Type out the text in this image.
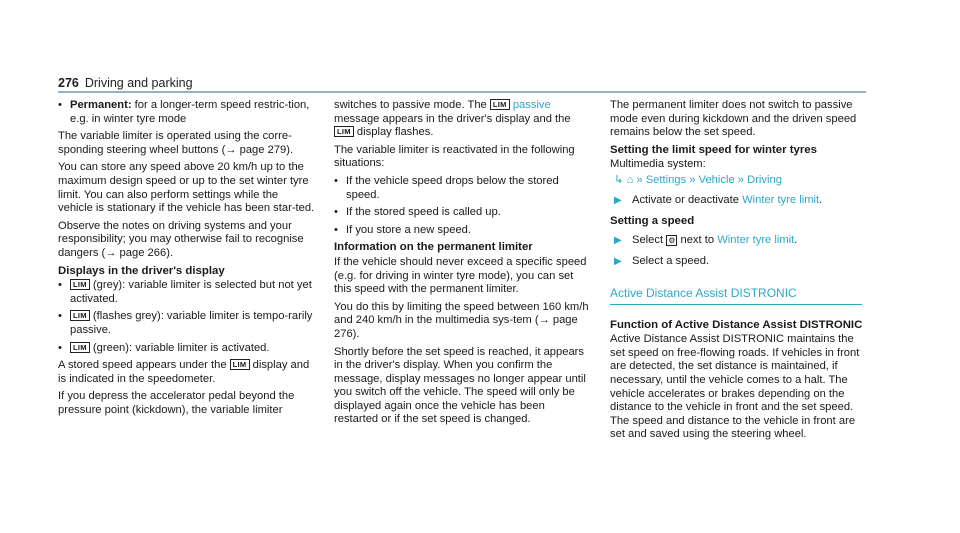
276 Driving and parking
• Permanent: for a longer-term speed restric-tion, e.g. in winter tyre mode

The variable limiter is operated using the corre-sponding steering wheel buttons (→ page 279).

You can store any speed above 20 km/h up to the maximum design speed or up to the set winter tyre limit. You can also perform settings while the vehicle is stationary if the vehicle has been star-ted.

Observe the notes on driving systems and your responsibility; you may otherwise fail to recognise dangers (→ page 266).

Displays in the driver's display
• LIM (grey): variable limiter is selected but not yet activated.
• LIM (flashes grey): variable limiter is tempo-rarily passive.
• LIM (green): variable limiter is activated.

A stored speed appears under the LIM display and is indicated in the speedometer.

If you depress the accelerator pedal beyond the pressure point (kickdown), the variable limiter

switches to passive mode. The LIM passive message appears in the driver's display and the LIM display flashes.

The variable limiter is reactivated in the following situations:

• If the vehicle speed drops below the stored speed.
• If the stored speed is called up.
• If you store a new speed.
Information on the permanent limiter

If the vehicle should never exceed a specific speed (e.g. for driving in winter tyre mode), you can set this speed with the permanent limiter.

You do this by limiting the speed between 160 km/h and 240 km/h in the multimedia sys-tem (→ page 276).

Shortly before the set speed is reached, it appears in the driver's display. When you confirm the message, display messages no longer appear until you switch off the vehicle. The speed will only be displayed again once the vehicle has been restarted or if the set speed is changed.

The permanent limiter does not switch to passive mode even during kickdown and the driven speed remains below the set speed.

Setting the limit speed for winter tyres
Multimedia system:
↳ ⌂ » Settings » Vehicle » Driving
▶ Activate or deactivate Winter tyre limit.
Setting a speed
▶ Select ⚙ next to Winter tyre limit.
▶ Select a speed.
Active Distance Assist DISTRONIC
Function of Active Distance Assist DISTRONIC

Active Distance Assist DISTRONIC maintains the set speed on free-flowing roads. If vehicles in front are detected, the set distance is maintained, if necessary, until the vehicle comes to a halt. The vehicle accelerates or brakes depending on the distance to the vehicle in front and the set speed. The speed and distance to the vehicle in front are set and saved using the steering wheel.
